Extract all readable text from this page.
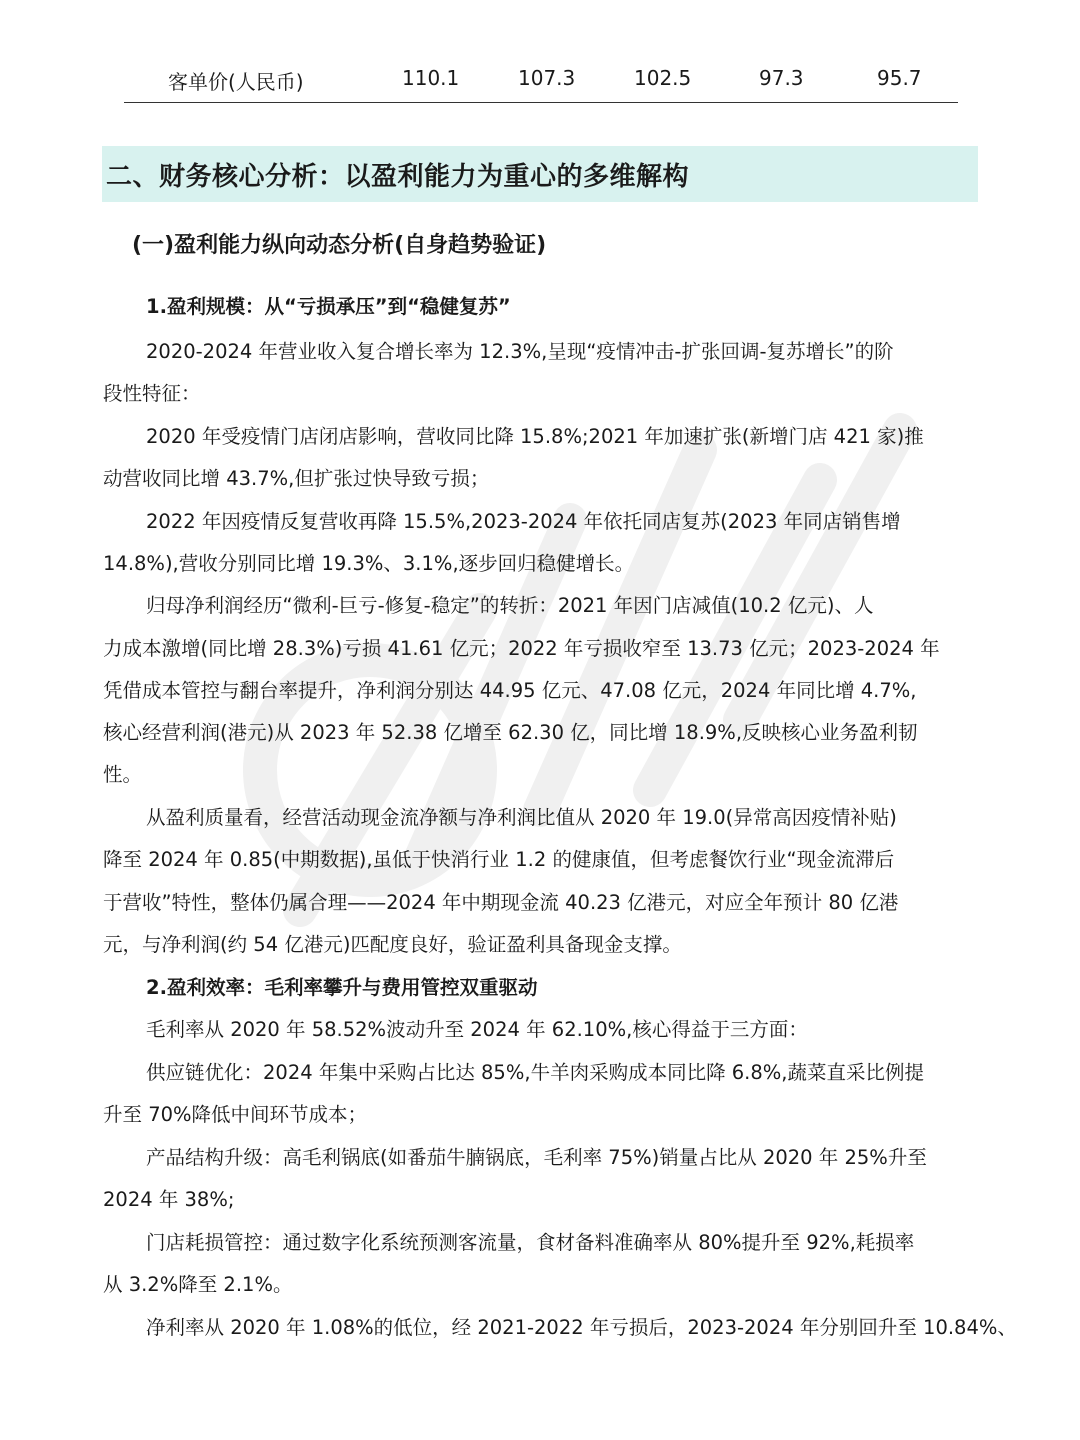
客单价(人民币)	110.1	107.3	102.5	97.3	95.7
二、财务核心分析：以盈利能力为重心的多维解构
(一)盈利能力纵向动态分析(自身趋势验证)
1.盈利规模：从“亏损承压”到“稳健复苏”
2020-2024 年营业收入复合增长率为 12.3%,呈现“疫情冲击-扩张回调-复苏增长”的阶
段性特征：
2020 年受疫情门店闭店影响，营收同比降 15.8%;2021 年加速扩张(新增门店 421 家)推
动营收同比增 43.7%,但扩张过快导致亏损；
2022 年因疫情反复营收再降 15.5%,2023-2024 年依托同店复苏(2023 年同店销售增
14.8%),营收分别同比增 19.3%、3.1%,逐步回归稳健增长。
归母净利润经历“微利-巨亏-修复-稳定”的转折：2021 年因门店减值(10.2 亿元)、人
力成本激增(同比增 28.3%)亏损 41.61 亿元；2022 年亏损收窄至 13.73 亿元；2023-2024 年
凭借成本管控与翻台率提升，净利润分别达 44.95 亿元、47.08 亿元，2024 年同比增 4.7%,
核心经营利润(港元)从 2023 年 52.38 亿增至 62.30 亿，同比增 18.9%,反映核心业务盈利韧
性。
从盈利质量看，经营活动现金流净额与净利润比值从 2020 年 19.0(异常高因疫情补贴)
降至 2024 年 0.85(中期数据),虽低于快消行业 1.2 的健康值，但考虑餐饮行业“现金流滞后
于营收”特性，整体仍属合理——2024 年中期现金流 40.23 亿港元，对应全年预计 80 亿港
元，与净利润(约 54 亿港元)匹配度良好，验证盈利具备现金支撑。
2.盈利效率：毛利率攀升与费用管控双重驱动
毛利率从 2020 年 58.52%波动升至 2024 年 62.10%,核心得益于三方面：
供应链优化：2024 年集中采购占比达 85%,牛羊肉采购成本同比降 6.8%,蔬菜直采比例提
升至 70%降低中间环节成本；
产品结构升级：高毛利锅底(如番茄牛腩锅底，毛利率 75%)销量占比从 2020 年 25%升至
2024 年 38%;
门店耗损管控：通过数字化系统预测客流量，食材备料准确率从 80%提升至 92%,耗损率
从 3.2%降至 2.1%。
净利率从 2020 年 1.08%的低位，经 2021-2022 年亏损后，2023-2024 年分别回升至 10.84%、
